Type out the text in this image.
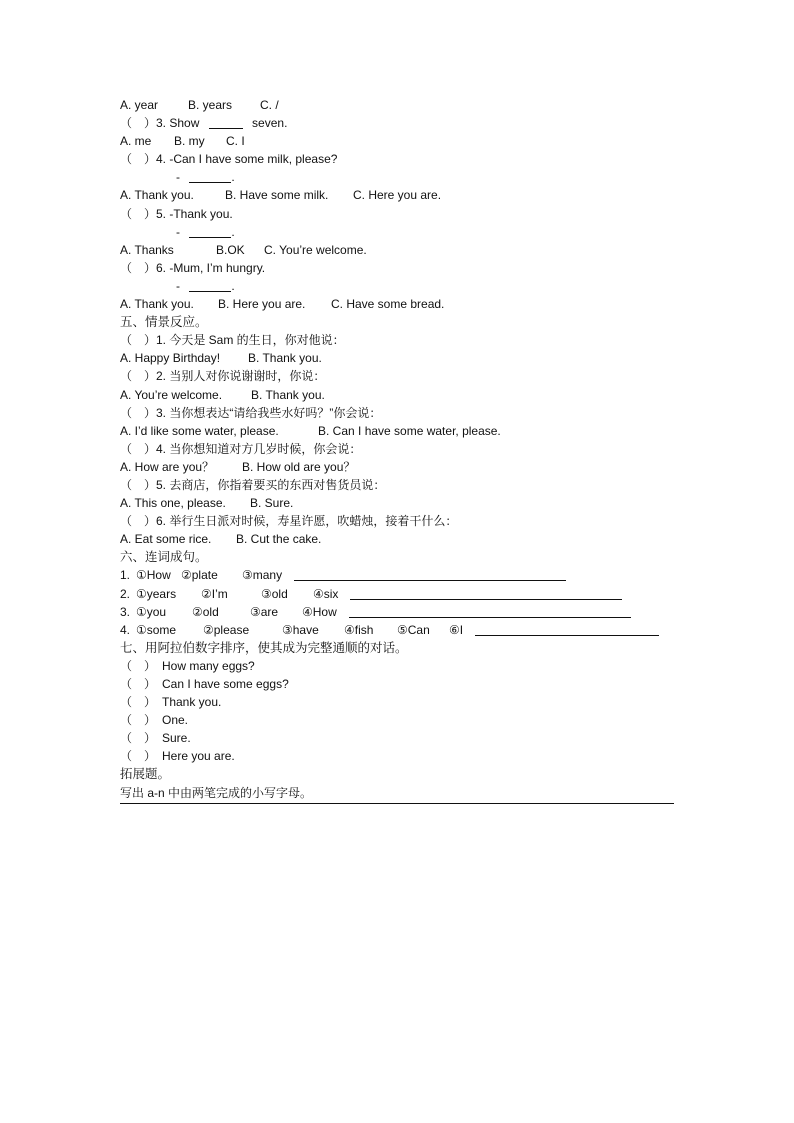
A. year B. years C. /
（　）3. Show	seven.
A. me B. my C. I
（　）4. -Can I have some milk, please?
-	.
A. Thank you.	B. Have some milk. C. Here you are.
（　）5. -Thank you.
-	.
A. Thanks	B.OK C. You’re welcome.
（　）6. -Mum, I’m hungry.
-	.
A. Thank you. B. Here you are. C. Have some bread.
五、情景反应。
（　）1. 今天是 Sam 的生日，你对他说：
A. Happy Birthday! B. Thank you.
（　）2. 当别人对你说谢谢时，你说：
A. You’re welcome. B. Thank you.
（　）3. 当你想表达“请给我些水好吗？”你会说：
A. I’d like some water, please.	B. Can I have some water, please.
（　）4. 当你想知道对方几岁时候，你会说：
A. How are you？ B. How old are you？
（　）5. 去商店，你指着要买的东西对售货员说：
A. This one, please. B. Sure.
（　）6. 举行生日派对时候，寿星许愿，吹蜡烛，接着干什么：
A. Eat some rice. B. Cut the cake.
六、连词成句。
1. ①How ②plate ③many
2. ①years ②I’m	③old ④six
3. ①you ②old	③are ④How
4. ①some ②please	③have ④fish ⑤Can ⑥I
七、用阿拉伯数字排序，使其成为完整通顺的对话。
（　） How many eggs?
（　） Can I have some eggs?
（　） Thank you.
（　） One.
（　） Sure.
（　） Here you are.
拓展题。
写出 a-n 中由两笔完成的小写字母。
